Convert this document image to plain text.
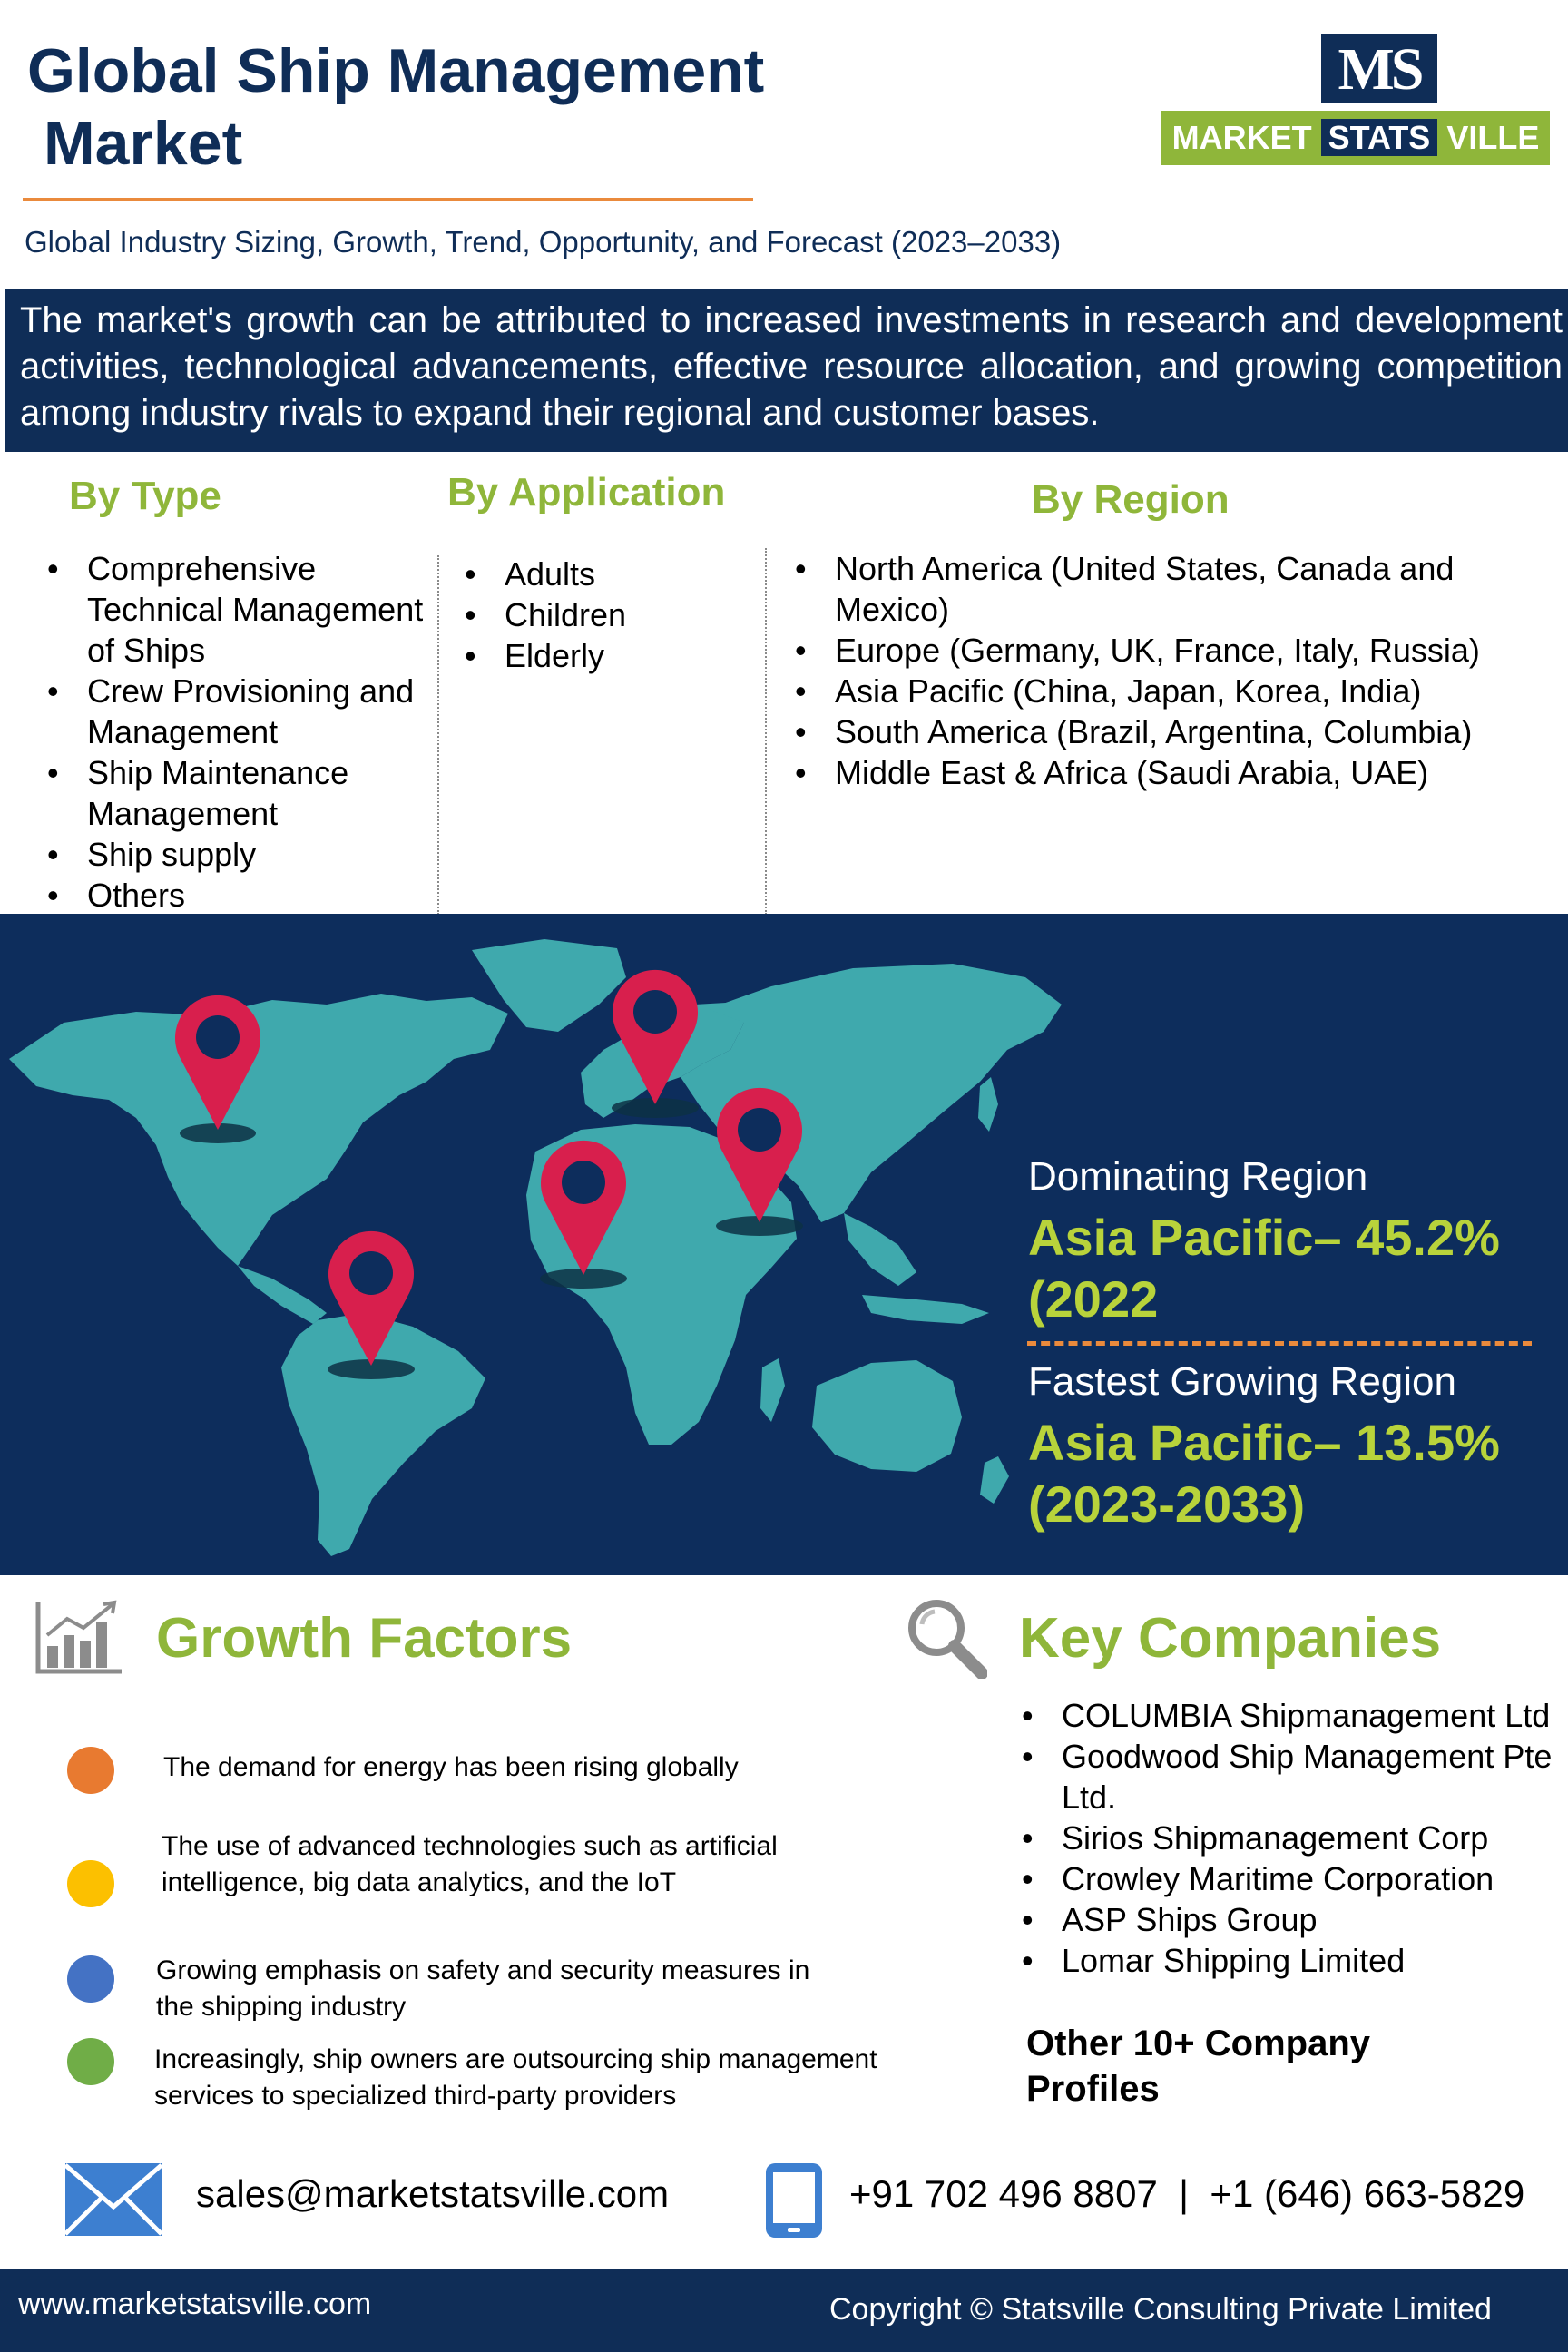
Global Ship Management
Market
Global Industry Sizing, Growth, Trend, Opportunity, and Forecast (2023–2033)
MS
MARKET STATS VILLE
The market's growth can be attributed to increased investments in research and development activities, technological advancements, effective resource allocation, and growing competition among industry rivals to expand their regional and customer bases.
By Type	By Application	By Region
• Comprehensive Technical Management of Ships
• Crew Provisioning and Management
• Ship Maintenance Management
• Ship supply
• Others
• Adults
• Children
• Elderly
• North America (United States, Canada and Mexico)
• Europe (Germany, UK, France, Italy, Russia)
• Asia Pacific (China, Japan, Korea, India)
• South America (Brazil, Argentina, Columbia)
• Middle East & Africa (Saudi Arabia, UAE)
Dominating Region
Asia Pacific– 45.2%
(2022
Fastest Growing Region
Asia Pacific– 13.5%
(2023-2033)
Growth Factors
The demand for energy has been rising globally
The use of advanced technologies such as artificial
intelligence, big data analytics, and the IoT
Growing emphasis on safety and security measures in
the shipping industry
Increasingly, ship owners are outsourcing ship management
services to specialized third-party providers
Key Companies
• COLUMBIA Shipmanagement Ltd
• Goodwood Ship Management Pte Ltd.
• Sirios Shipmanagement Corp
• Crowley Maritime Corporation
• ASP Ships Group
• Lomar Shipping Limited
Other 10+ Company
Profiles
sales@marketstatsville.com	+91 702 496 8807  |  +1 (646) 663-5829
www.marketstatsville.com	Copyright © Statsville Consulting Private Limited
